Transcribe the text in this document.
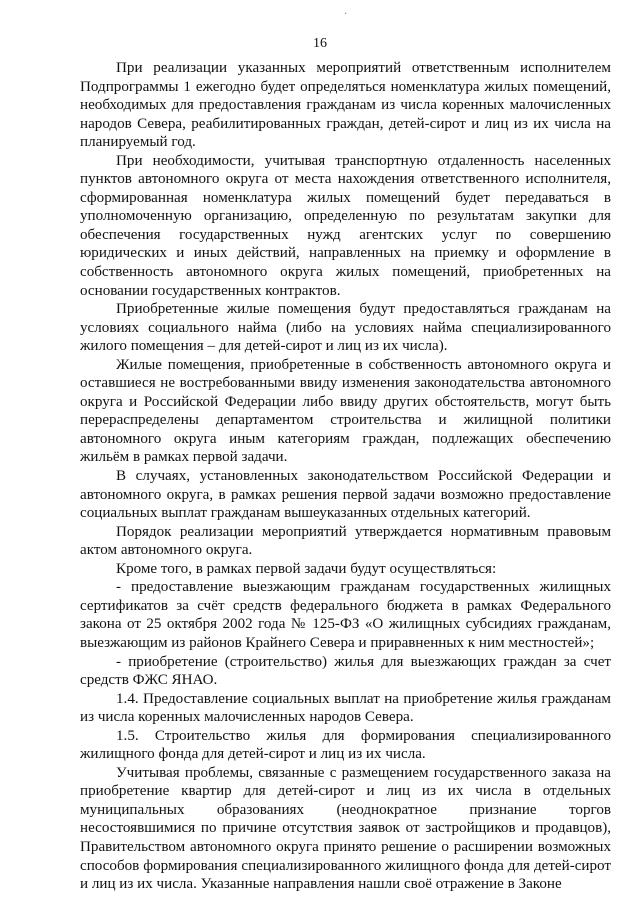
·
16

При реализации указанных мероприятий ответственным исполнителем Подпрограммы 1 ежегодно будет определяться номенклатура жилых помещений, необходимых для предоставления гражданам из числа коренных малочисленных народов Севера, реабилитированных граждан, детей-сирот и лиц из их числа на планируемый год.

При необходимости, учитывая транспортную отдаленность населенных пунктов автономного округа от места нахождения ответственного исполнителя, сформированная номенклатура жилых помещений будет передаваться в уполномоченную организацию, определенную по результатам закупки для обеспечения государственных нужд агентских услуг по совершению юридических и иных действий, направленных на приемку и оформление в собственность автономного округа жилых помещений, приобретенных на основании государственных контрактов.

Приобретенные жилые помещения будут предоставляться гражданам на условиях социального найма (либо на условиях найма специализированного жилого помещения – для детей-сирот и лиц из их числа).

Жилые помещения, приобретенные в собственность автономного округа и оставшиеся не востребованными ввиду изменения законодательства автономного округа и Российской Федерации либо ввиду других обстоятельств, могут быть перераспределены департаментом строительства и жилищной политики автономного округа иным категориям граждан, подлежащих обеспечению жильём в рамках первой задачи.

В случаях, установленных законодательством Российской Федерации и автономного округа, в рамках решения первой задачи возможно предоставление социальных выплат гражданам вышеуказанных отдельных категорий.

Порядок реализации мероприятий утверждается нормативным правовым актом автономного округа.

Кроме того, в рамках первой задачи будут осуществляться:

- предоставление выезжающим гражданам государственных жилищных сертификатов за счёт средств федерального бюджета в рамках Федерального закона от 25 октября 2002 года № 125-ФЗ «О жилищных субсидиях гражданам, выезжающим из районов Крайнего Севера и приравненных к ним местностей»;

- приобретение (строительство) жилья для выезжающих граждан за счет средств ФЖС ЯНАО.

1.4. Предоставление социальных выплат на приобретение жилья гражданам из числа коренных малочисленных народов Севера.

1.5. Строительство жилья для формирования специализированного жилищного фонда для детей-сирот и лиц из их числа.

Учитывая проблемы, связанные с размещением государственного заказа на приобретение квартир для детей-сирот и лиц из их числа в отдельных муниципальных образованиях (неоднократное признание торгов несостоявшимися по причине отсутствия заявок от застройщиков и продавцов), Правительством автономного округа принято решение о расширении возможных способов формирования специализированного жилищного фонда для детей-сирот и лиц из их числа. Указанные направления нашли своё отражение в Законе
